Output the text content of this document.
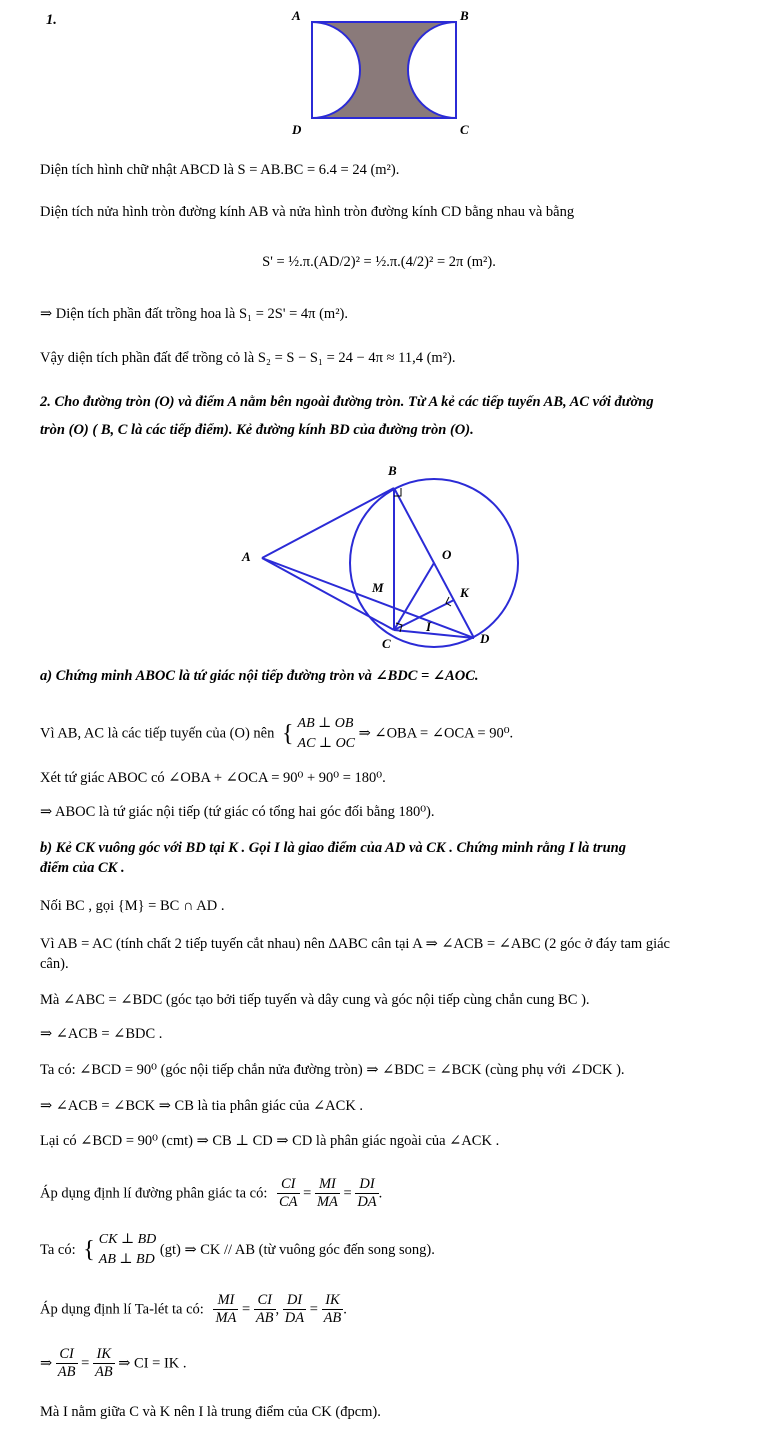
1.	A	B
C
D
Diện tích hình chữ nhật ABCD là S = AB.BC = 6.4 = 24 (m²).
Diện tích nửa hình tròn đường kính AB và nửa hình tròn đường kính CD bằng nhau và bằng
S' = ½.π.(AD/2)² = ½.π.(4/2)² = 2π (m²).
⇒ Diện tích phần đất trồng hoa là S₁ = 2S' = 4π (m²).
Vậy diện tích phần đất để trồng cỏ là S₂ = S − S₁ = 24 − 4π ≈ 11,4 (m²).
2. Cho đường tròn (O) và điểm A nằm bên ngoài đường tròn. Từ A kẻ các tiếp tuyến AB, AC với đường
tròn (O) ( B, C là các tiếp điểm). Kẻ đường kính BD của đường tròn (O).
B
A	O
M	K
I
C	D
a) Chứng minh ABOC là tứ giác nội tiếp đường tròn và ∠BDC = ∠AOC.
Vì AB, AC là các tiếp tuyến của (O) nên { AB ⊥ OB
AC ⊥ OC
⇒ ∠OBA = ∠OCA = 90⁰.
Xét tứ giác ABOC có ∠OBA + ∠OCA = 90⁰ + 90⁰ = 180⁰.
⇒ ABOC là tứ giác nội tiếp (tứ giác có tổng hai góc đối bằng 180⁰).
b) Kẻ CK vuông góc với BD tại K . Gọi I là giao điểm của AD và CK . Chứng minh rằng I là trung
điểm của CK .
Nối BC , gọi {M} = BC ∩ AD .
Vì AB = AC (tính chất 2 tiếp tuyến cắt nhau) nên ΔABC cân tại A ⇒ ∠ACB = ∠ABC (2 góc ở đáy tam giác
cân).
Mà ∠ABC = ∠BDC (góc tạo bởi tiếp tuyến và dây cung và góc nội tiếp cùng chắn cung BC ).
⇒ ∠ACB = ∠BDC .
Ta có: ∠BCD = 90⁰ (góc nội tiếp chắn nửa đường tròn) ⇒ ∠BDC = ∠BCK (cùng phụ với ∠DCK ).
⇒ ∠ACB = ∠BCK ⇒ CB là tia phân giác của ∠ACK .
Lại có ∠BCD = 90⁰ (cmt) ⇒ CB ⊥ CD ⇒ CD là phân giác ngoài của ∠ACK .
Áp dụng định lí đường phân giác ta có: $\frac{CI}{CA} = \frac{MI}{MA} = \frac{DI}{DA}$ .
Ta có: { CK ⊥ BD
AB ⊥ BD
(gt) ⇒ CK // AB (từ vuông góc đến song song).
Áp dụng định lí Ta-lét ta có: $\frac{MI}{MA} = \frac{CI}{AB}$ , $\frac{DI}{DA} = \frac{IK}{AB}$ .
⇒ $\frac{CI}{AB} = \frac{IK}{AB}$ ⇒ CI = IK .
Mà I nằm giữa C và K nên I là trung điểm của CK (đpcm).
